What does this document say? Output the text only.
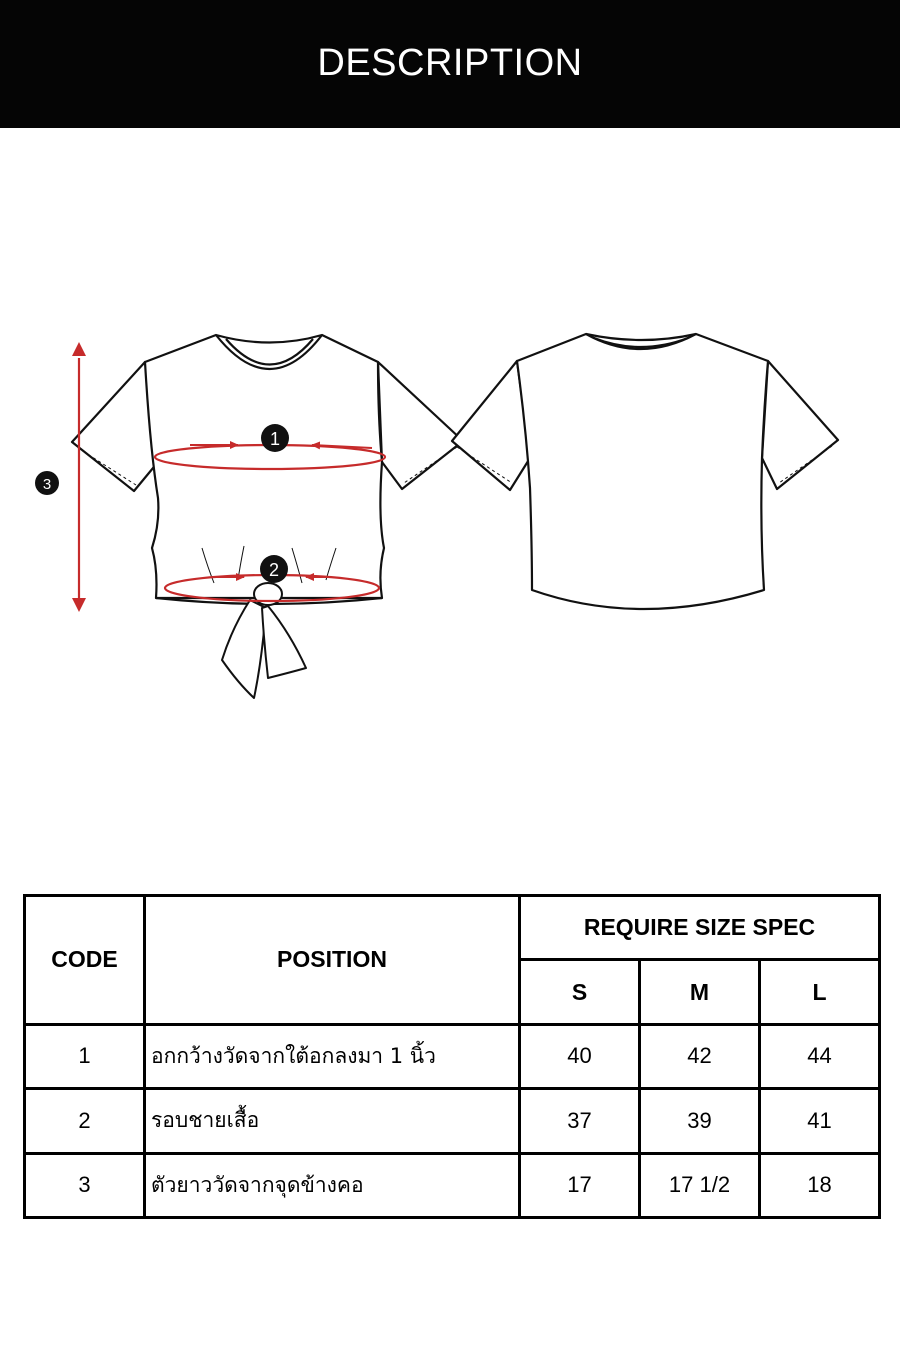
DESCRIPTION
1
2
3
CODE	POSITION	REQUIRE SIZE SPEC		
		S	M	L
1	อกกว้างวัดจากใต้อกลงมา 1 นิ้ว	40	42	44
2	รอบชายเสื้อ	37	39	41
3	ตัวยาววัดจากจุดข้างคอ	17	17 1/2	18
